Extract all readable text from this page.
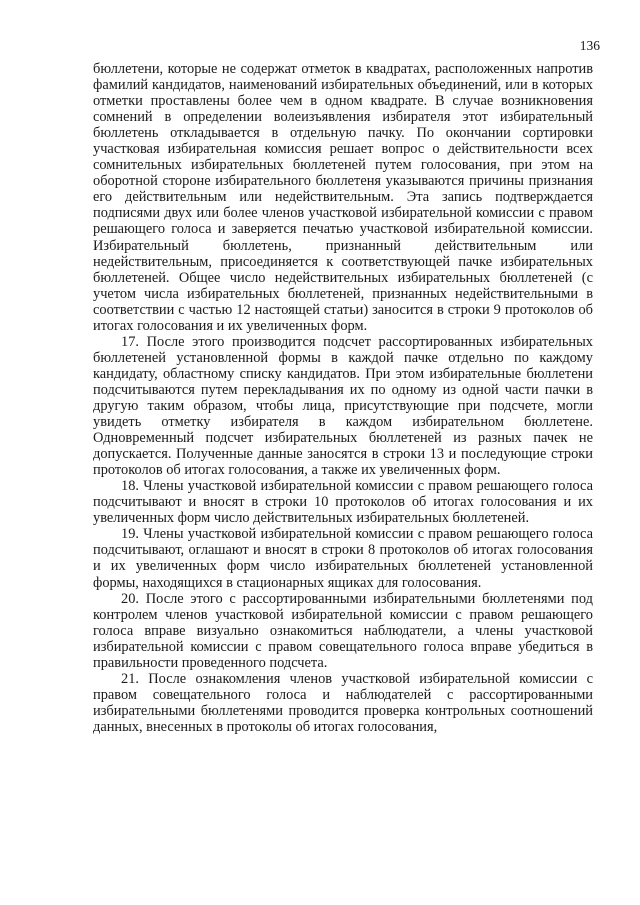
136

бюллетени, которые не содержат отметок в квадратах, расположенных напротив фамилий кандидатов, наименований избирательных объединений, или в которых отметки проставлены более чем в одном квадрате. В случае возникновения сомнений в определении волеизъявления избирателя этот избирательный бюллетень откладывается в отдельную пачку. По окончании сортировки участковая избирательная комиссия решает вопрос о действительности всех сомнительных избирательных бюллетеней путем голосования, при этом на оборотной стороне избирательного бюллетеня указываются причины признания его действительным или недействительным. Эта запись подтверждается подписями двух или более членов участковой избирательной комиссии с правом решающего голоса и заверяется печатью участковой избирательной комиссии. Избирательный бюллетень, признанный действительным или недействительным, присоединяется к соответствующей пачке избирательных бюллетеней. Общее число недействительных избирательных бюллетеней (с учетом числа избирательных бюллетеней, признанных недействительными в соответствии с частью 12 настоящей статьи) заносится в строки 9 протоколов об итогах голосования и их увеличенных форм.

17. После этого производится подсчет рассортированных избирательных бюллетеней установленной формы в каждой пачке отдельно по каждому кандидату, областному списку кандидатов. При этом избирательные бюллетени подсчитываются путем перекладывания их по одному из одной части пачки в другую таким образом, чтобы лица, присутствующие при подсчете, могли увидеть отметку избирателя в каждом избирательном бюллетене. Одновременный подсчет избирательных бюллетеней из разных пачек не допускается. Полученные данные заносятся в строки 13 и последующие строки протоколов об итогах голосования, а также их увеличенных форм.

18. Члены участковой избирательной комиссии с правом решающего голоса подсчитывают и вносят в строки 10 протоколов об итогах голосования и их увеличенных форм число действительных избирательных бюллетеней.

19. Члены участковой избирательной комиссии с правом решающего голоса подсчитывают, оглашают и вносят в строки 8 протоколов об итогах голосования и их увеличенных форм число избирательных бюллетеней установленной формы, находящихся в стационарных ящиках для голосования.

20. После этого с рассортированными избирательными бюллетенями под контролем членов участковой избирательной комиссии с правом решающего голоса вправе визуально ознакомиться наблюдатели, а члены участковой избирательной комиссии с правом совещательного голоса вправе убедиться в правильности проведенного подсчета.

21. После ознакомления членов участковой избирательной комиссии с правом совещательного голоса и наблюдателей с рассортированными избирательными бюллетенями проводится проверка контрольных соотношений данных, внесенных в протоколы об итогах голосования,
